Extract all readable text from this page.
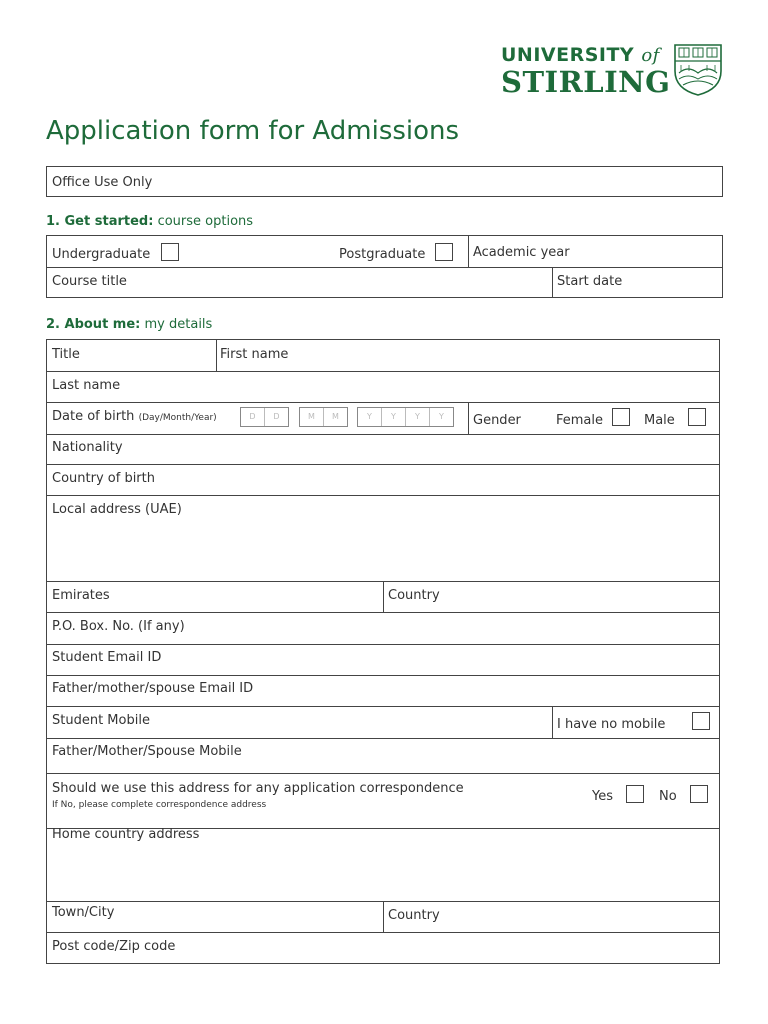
UNIVERSITY of
STIRLING
Application form for Admissions
Office Use Only
1. Get started: course options
Undergraduate	Postgraduate	Academic year
Course title	Start date
2. About me: my details
Title	First name
Last name
Date of birth (Day/Month/Year)	D	D	M	M	Y	Y	Y	Y	Gender	Female	Male
Nationality
Country of birth
Local address (UAE)
Emirates	Country
P.O. Box. No. (If any)
Student Email ID
Father/mother/spouse Email ID
Student Mobile	I have no mobile
Father/Mother/Spouse Mobile
Should we use this address for any application correspondence
If No, please complete correspondence address
Yes	No
Home country address
Town/City	Country
Post code/Zip code
